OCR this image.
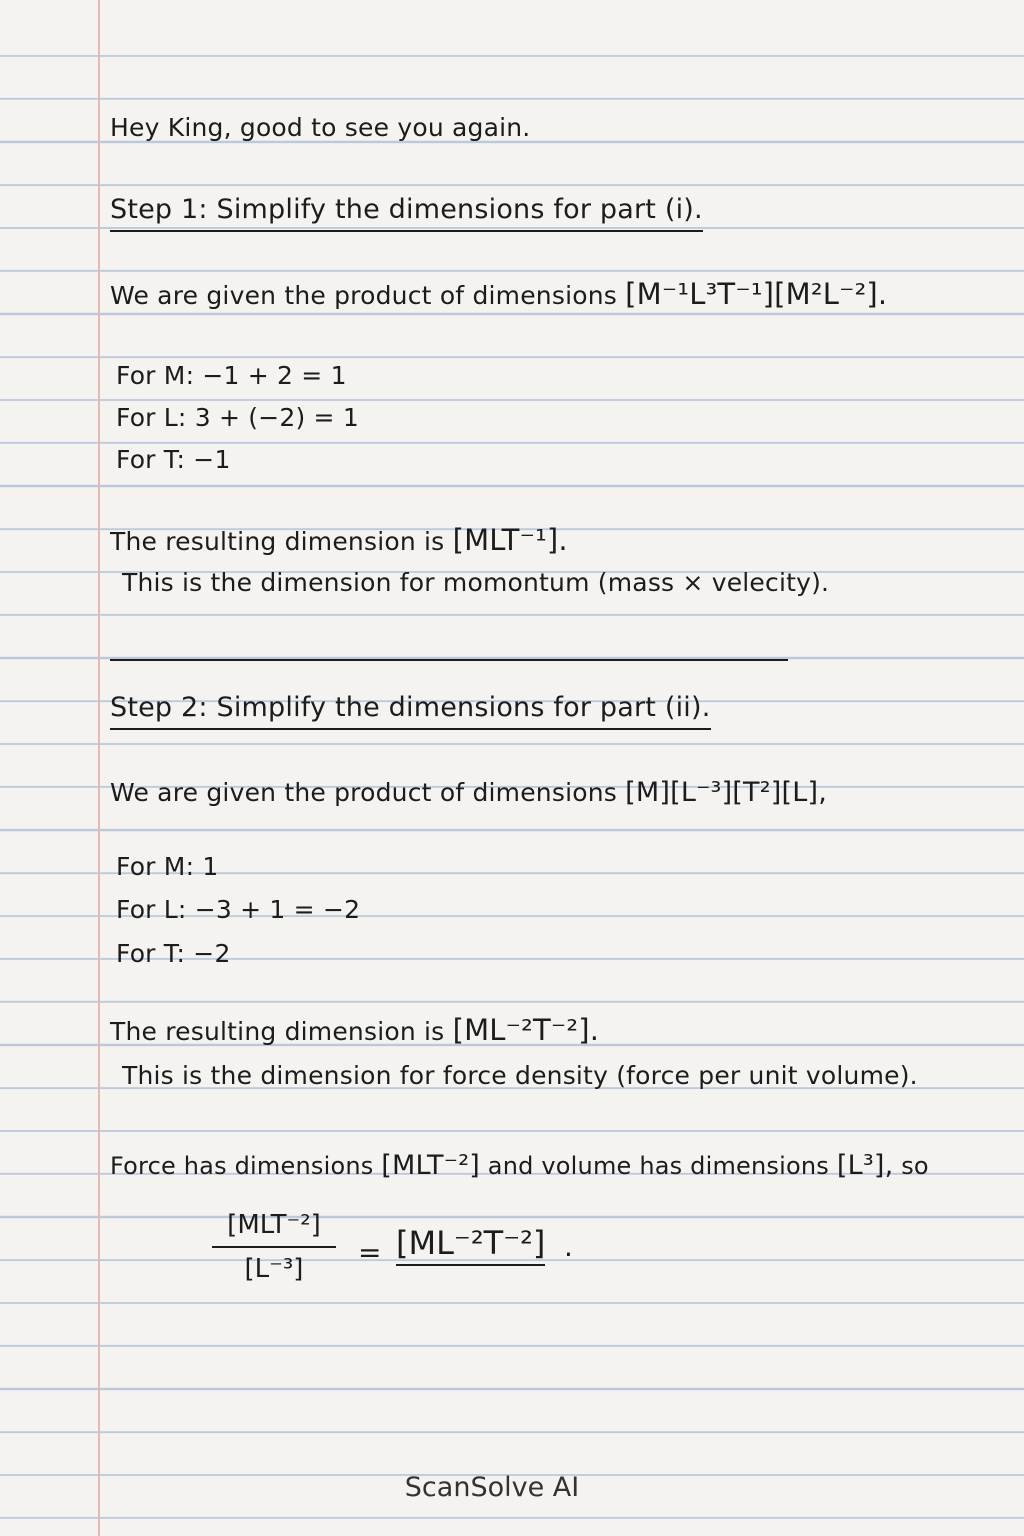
Hey King, good to see you again.
Step 1: Simplify the dimensions for part (i).
We are given the product of dimensions [M⁻¹L³T⁻¹][M²L⁻²].
For M: −1 + 2 = 1
For L: 3 + (−2) = 1
For T: −1
The resulting dimension is [MLT⁻¹].
This is the dimension for momontum (mass × velecity).
Step 2: Simplify the dimensions for part (ii).
We are given the product of dimensions [M][L⁻³][T²][L],
For M: 1
For L: −3 + 1 = −2
For T: −2
The resulting dimension is [ML⁻²T⁻²].
This is the dimension for force density (force per unit volume).
Force has dimensions [MLT⁻²] and volume has dimensions [L³], so
[MLT⁻²]
[L⁻³]	= [ML⁻²T⁻²] .
ScanSolve AI
